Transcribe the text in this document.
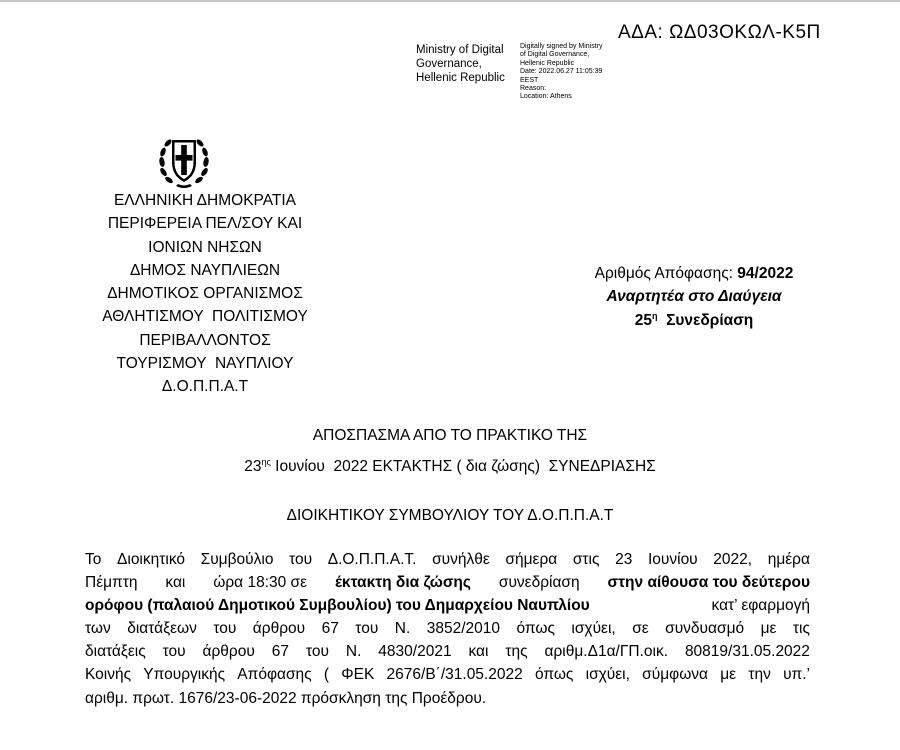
ΑΔΑ: ΩΔ03ΟΚΩΛ-Κ5Π
Ministry of Digital
Governance,
Hellenic Republic
Digitally signed by Ministry
of Digital Governance,
Hellenic Republic
Date: 2022.06.27 11:05:39
EEST
Reason:
Location: Athens
ΕΛΛΗΝΙΚΗ ΔΗΜΟΚΡΑΤΙΑ
ΠΕΡΙΦΕΡΕΙΑ ΠΕΛ/ΣΟΥ ΚΑΙ
ΙΟΝΙΩΝ ΝΗΣΩΝ
ΔΗΜΟΣ ΝΑΥΠΛΙΕΩΝ
ΔΗΜΟΤΙΚΟΣ ΟΡΓΑΝΙΣΜΟΣ
ΑΘΛΗΤΙΣΜΟΥ  ΠΟΛΙΤΙΣΜΟΥ
ΠΕΡΙΒΑΛΛΟΝΤΟΣ
ΤΟΥΡΙΣΜΟΥ  ΝΑΥΠΛΙΟΥ
Δ.Ο.Π.Π.Α.Τ
Αριθμός Απόφασης: 94/2022
Αναρτητέα στο Διαύγεια
$25^\eta$  Συνεδρίαση
ΑΠΟΣΠΑΣΜΑ ΑΠΟ ΤΟ ΠΡΑΚΤΙΚΟ ΤΗΣ
$23^{\eta\varsigma}$ Ιουνίου  2022 ΕΚΤΑΚΤΗΣ ( δια ζώσης)  ΣΥΝΕΔΡΙΑΣΗΣ
ΔΙΟΙΚΗΤΙΚΟΥ ΣΥΜΒΟΥΛΙΟΥ ΤΟΥ Δ.Ο.Π.Π.Α.Τ
Το Διοικητικό Συμβούλιο του Δ.Ο.Π.Π.Α.Τ. συνήλθε σήμερα στις 23 Ιουνίου 2022, ημέρα
Πέμπτη και ώρα 18:30 σε έκτακτη δια ζώσης συνεδρίαση στην αίθουσα του δεύτερου
ορόφου (παλαιού Δημοτικού Συμβουλίου) του Δημαρχείου Ναυπλίου	κατ’ εφαρμογή
των διατάξεων του άρθρου 67 του Ν. 3852/2010 όπως ισχύει, σε συνδυασμό με τις
διατάξεις του άρθρου 67 του Ν. 4830/2021 και της αριθμ.Δ1α/ΓΠ.οικ. 80819/31.05.2022
Κοινής Υπουργικής Απόφασης ( ΦΕΚ 2676/Β΄/31.05.2022 όπως ισχύει, σύμφωνα με την υπ.’
αριθμ. πρωτ. 1676/23-06-2022 πρόσκληση της Προέδρου.
